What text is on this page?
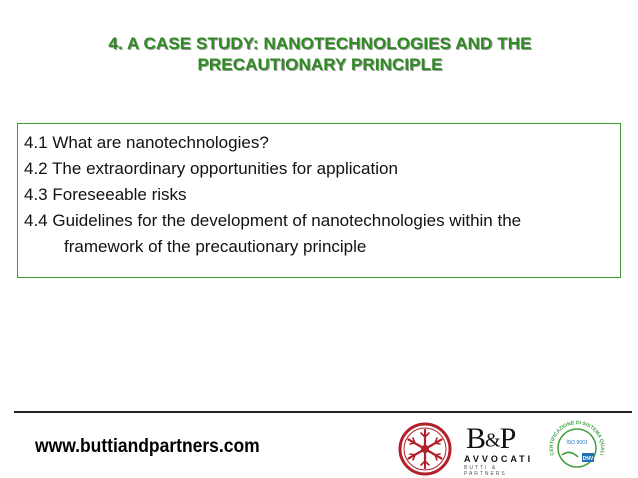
4. A CASE STUDY: NANOTECHNOLOGIES AND THE
PRECAUTIONARY PRINCIPLE

4.1 What are nanotechnologies?

4.2 The extraordinary opportunities for application

4.3 Foreseeable risks

4.4 Guidelines for the development of nanotechnologies within the
framework of the precautionary principle

www.buttiandpartners.com	B&P
AVVOCATI
BUTTI & PARTNERS
CERTIFICAZIONE DI SISTEMA QUALI
ISO 9001
DNV
